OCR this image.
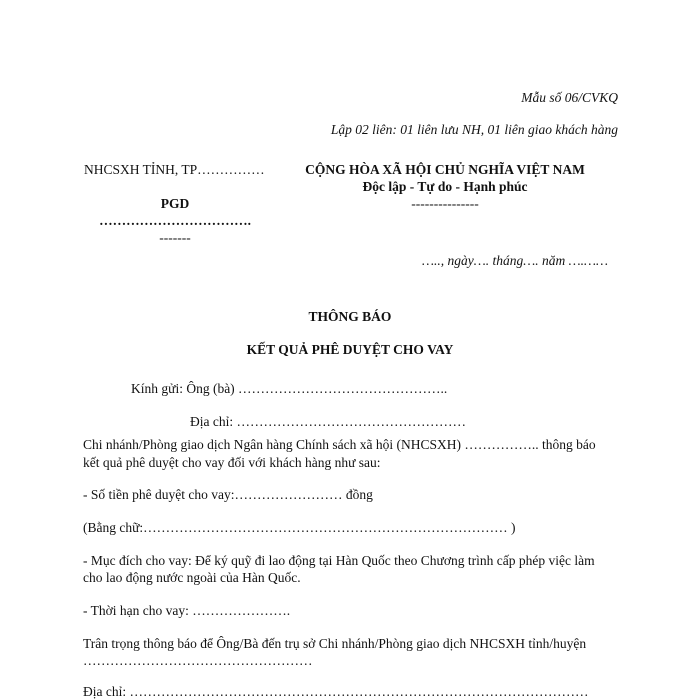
Mẫu số 06/CVKQ
Lập 02 liên: 01 liên lưu NH, 01 liên giao khách hàng
NHCSXH TỈNH, TP……………
PGD
…………………………….
-------
CỘNG HÒA XÃ HỘI CHỦ NGHĨA VIỆT NAM
Độc lập - Tự do - Hạnh phúc
---------------
….., ngày…. tháng…. năm ….……
THÔNG BÁO
KẾT QUẢ PHÊ DUYỆT CHO VAY
Kính gửi: Ông (bà) ………………………………………..
Địa chỉ: ……………………………………………
Chi nhánh/Phòng giao dịch Ngân hàng Chính sách xã hội (NHCSXH) …………….. thông báo
kết quả phê duyệt cho vay đối với khách hàng như sau:
- Số tiền phê duyệt cho vay:…………………… đồng
(Bằng chữ:……………………………………………………………………… )
- Mục đích cho vay: Để ký quỹ đi lao động tại Hàn Quốc theo Chương trình cấp phép việc làm
cho lao động nước ngoài của Hàn Quốc.
- Thời hạn cho vay: ………………….
Trân trọng thông báo để Ông/Bà đến trụ sở Chi nhánh/Phòng giao dịch NHCSXH tỉnh/huyện
……………………………………………
Địa chỉ: …………………………………………………………………………………………
